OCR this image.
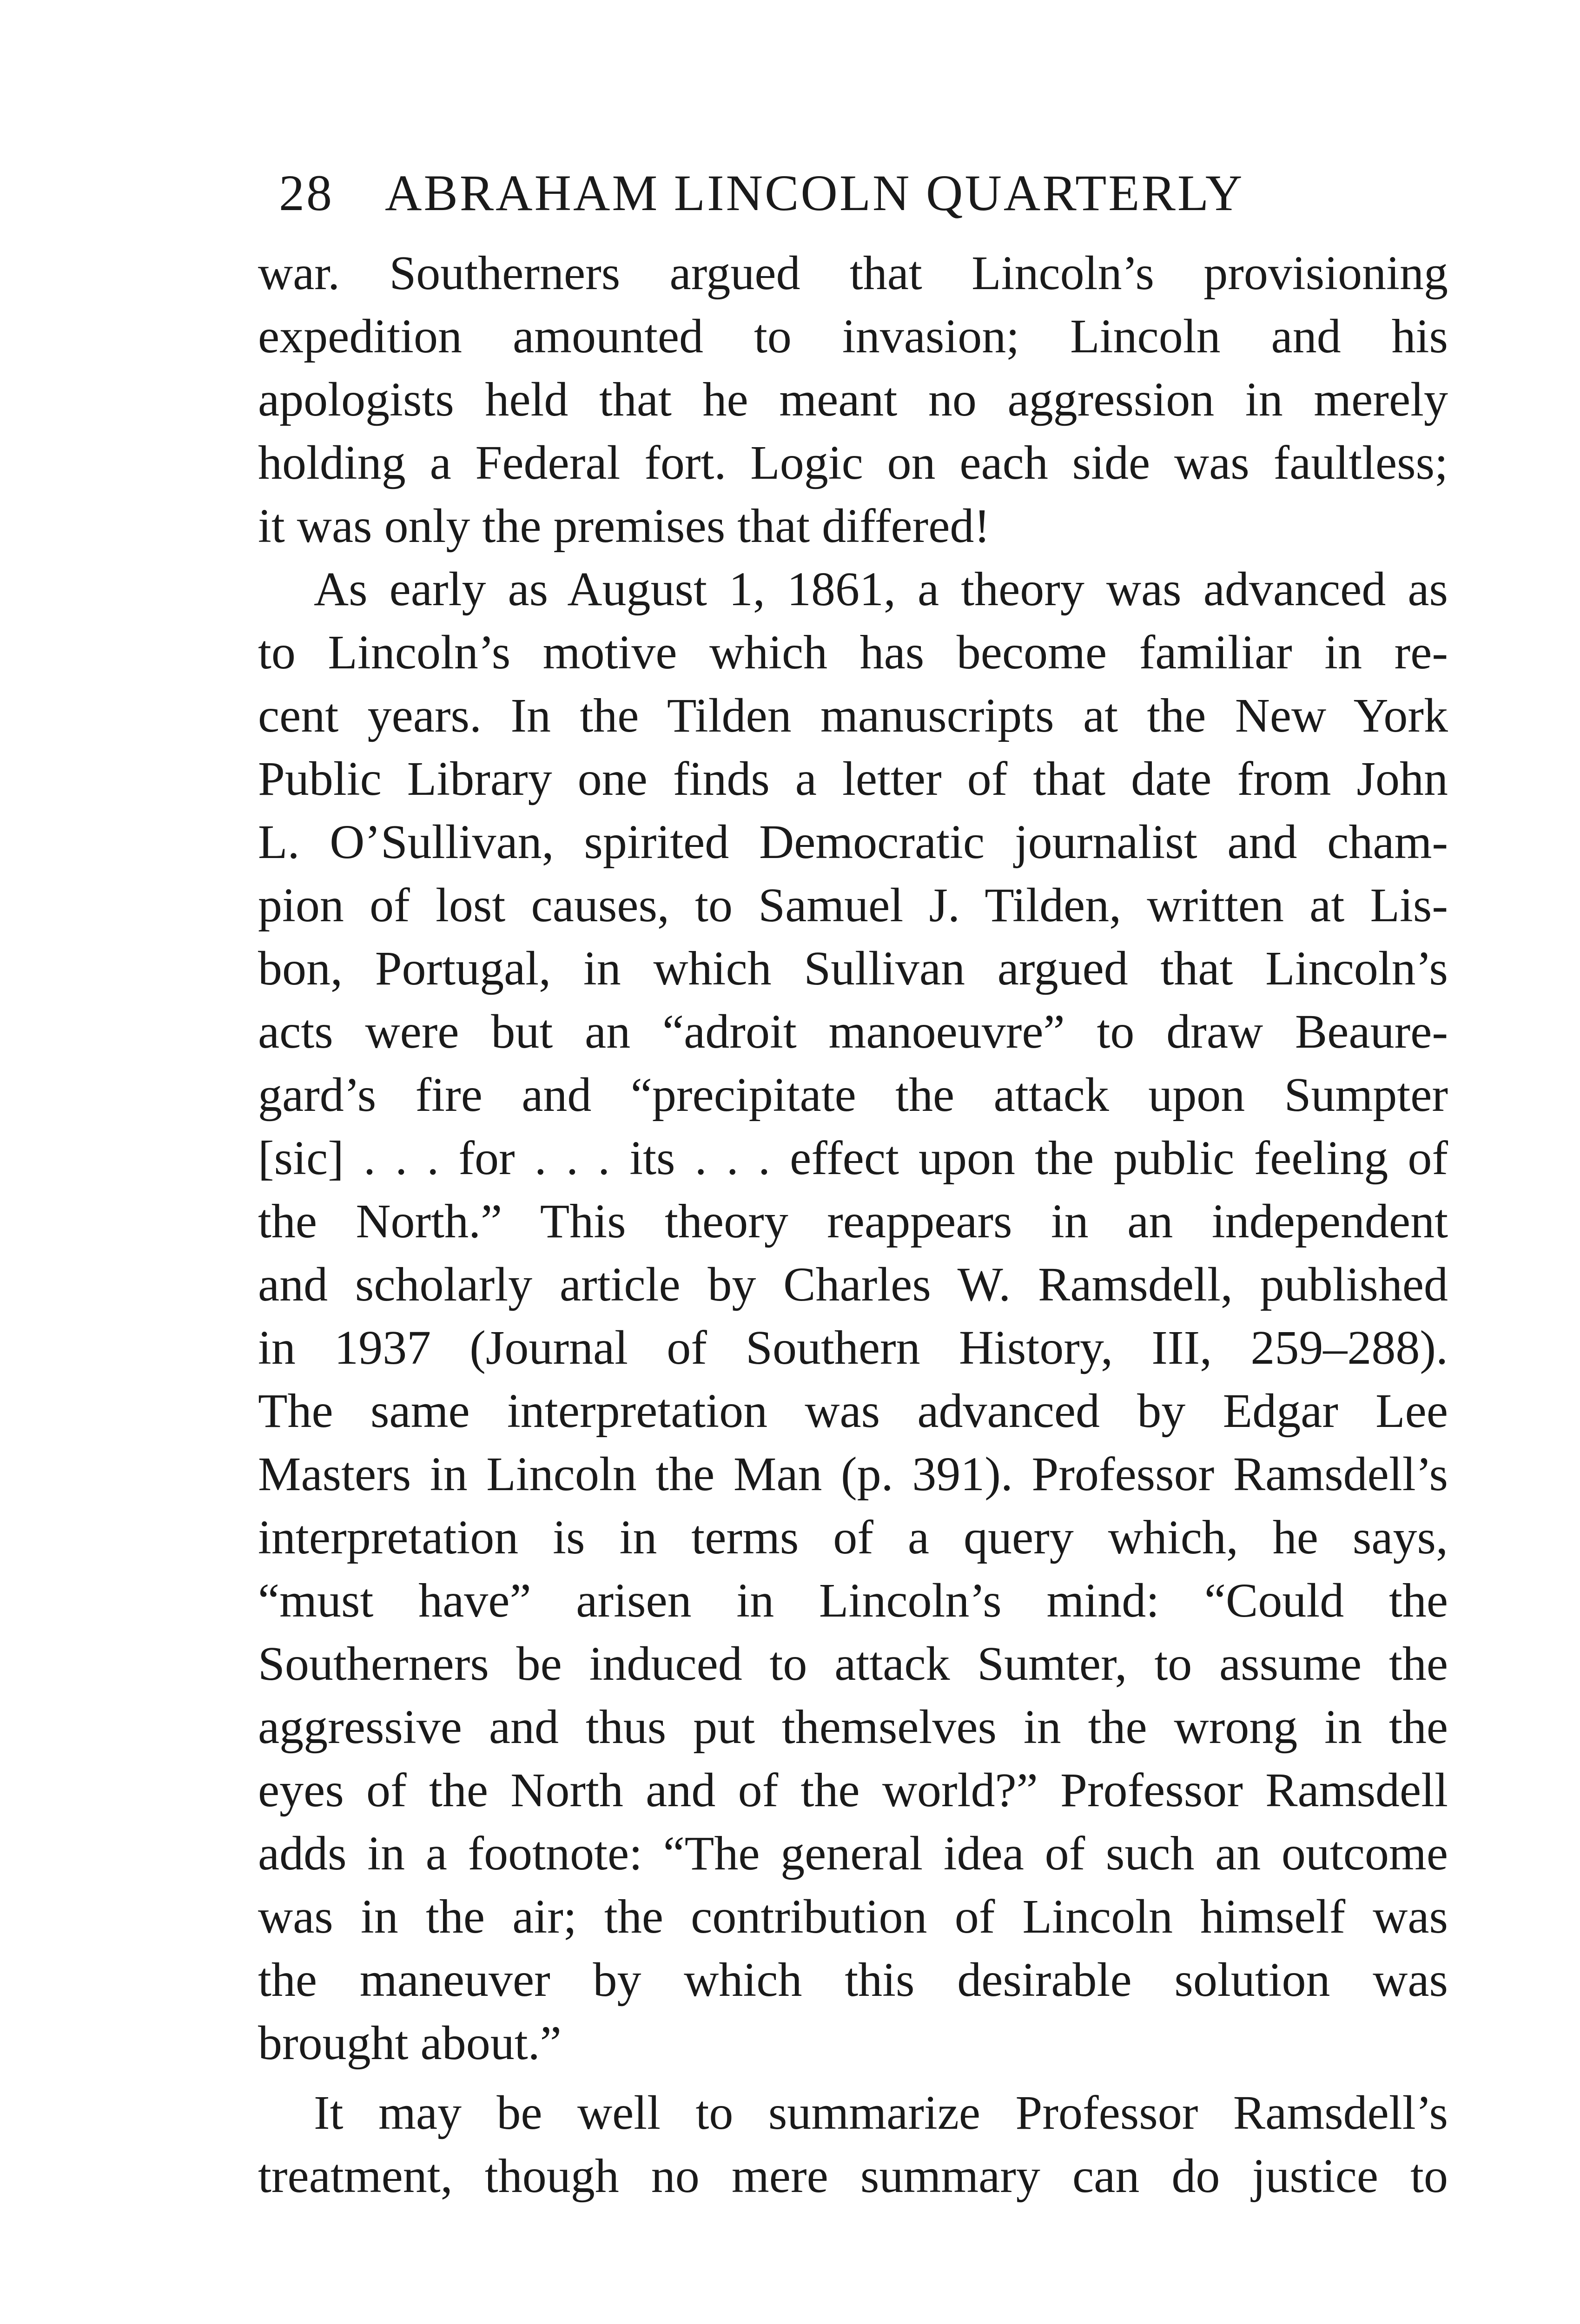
28 ABRAHAM LINCOLN QUARTERLY
war. Southerners argued that Lincoln’s provisioning
expedition amounted to invasion; Lincoln and his
apologists held that he meant no aggression in merely
holding a Federal fort. Logic on each side was faultless;
it was only the premises that differed!
As early as August 1, 1861, a theory was advanced as
to Lincoln’s motive which has become familiar in re-
cent years. In the Tilden manuscripts at the New York
Public Library one finds a letter of that date from John
L. O’Sullivan, spirited Democratic journalist and cham-
pion of lost causes, to Samuel J. Tilden, written at Lis-
bon, Portugal, in which Sullivan argued that Lincoln’s
acts were but an “adroit manoeuvre” to draw Beaure-
gard’s fire and “precipitate the attack upon Sumpter
[sic] . . . for . . . its . . . effect upon the public feeling of
the North.” This theory reappears in an independent
and scholarly article by Charles W. Ramsdell, published
in 1937 (Journal of Southern History, III, 259–288).
The same interpretation was advanced by Edgar Lee
Masters in Lincoln the Man (p. 391). Professor Ramsdell’s
interpretation is in terms of a query which, he says,
“must have” arisen in Lincoln’s mind: “Could the
Southerners be induced to attack Sumter, to assume the
aggressive and thus put themselves in the wrong in the
eyes of the North and of the world?” Professor Ramsdell
adds in a footnote: “The general idea of such an outcome
was in the air; the contribution of Lincoln himself was
the maneuver by which this desirable solution was
brought about.”
It may be well to summarize Professor Ramsdell’s
treatment, though no mere summary can do justice to
